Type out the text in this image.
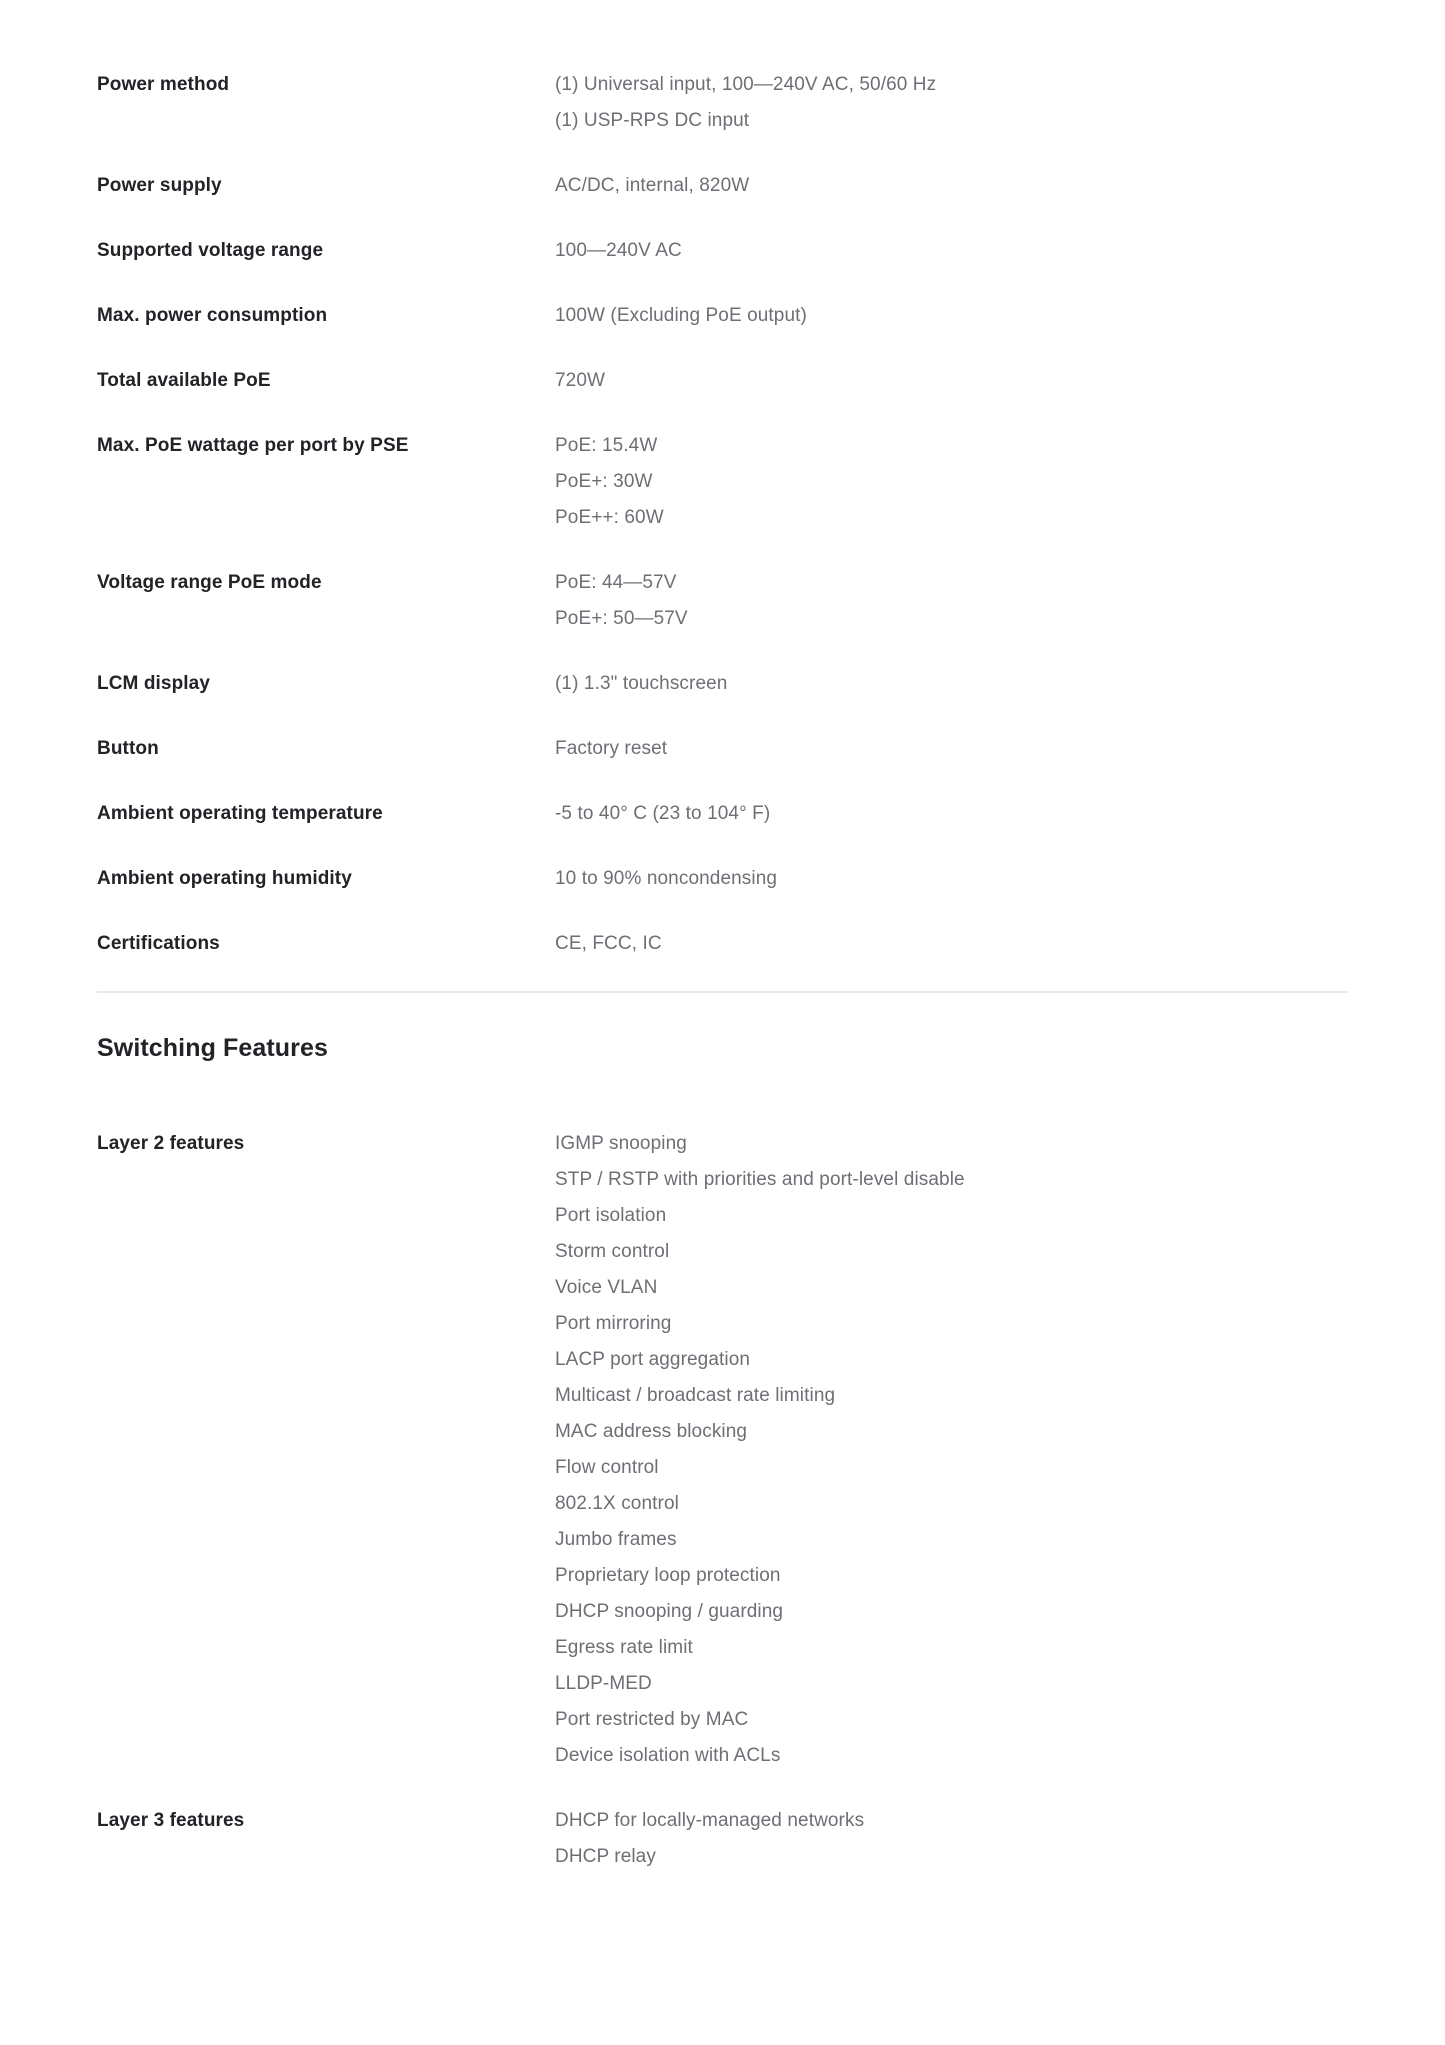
Power method	(1) Universal input, 100—240V AC, 50/60 Hz
(1) USP-RPS DC input
Power supply	AC/DC, internal, 820W
Supported voltage range	100—240V AC
Max. power consumption	100W (Excluding PoE output)
Total available PoE	720W
Max. PoE wattage per port by PSE	PoE: 15.4W
PoE+: 30W
PoE++: 60W
Voltage range PoE mode	PoE: 44—57V
PoE+: 50—57V
LCM display	(1) 1.3" touchscreen
Button	Factory reset
Ambient operating temperature	-5 to 40° C (23 to 104° F)
Ambient operating humidity	10 to 90% noncondensing
Certifications	CE, FCC, IC
Switching Features
Layer 2 features	IGMP snooping
STP / RSTP with priorities and port-level disable
Port isolation
Storm control
Voice VLAN
Port mirroring
LACP port aggregation
Multicast / broadcast rate limiting
MAC address blocking
Flow control
802.1X control
Jumbo frames
Proprietary loop protection
DHCP snooping / guarding
Egress rate limit
LLDP-MED
Port restricted by MAC
Device isolation with ACLs
Layer 3 features	DHCP for locally-managed networks
DHCP relay
